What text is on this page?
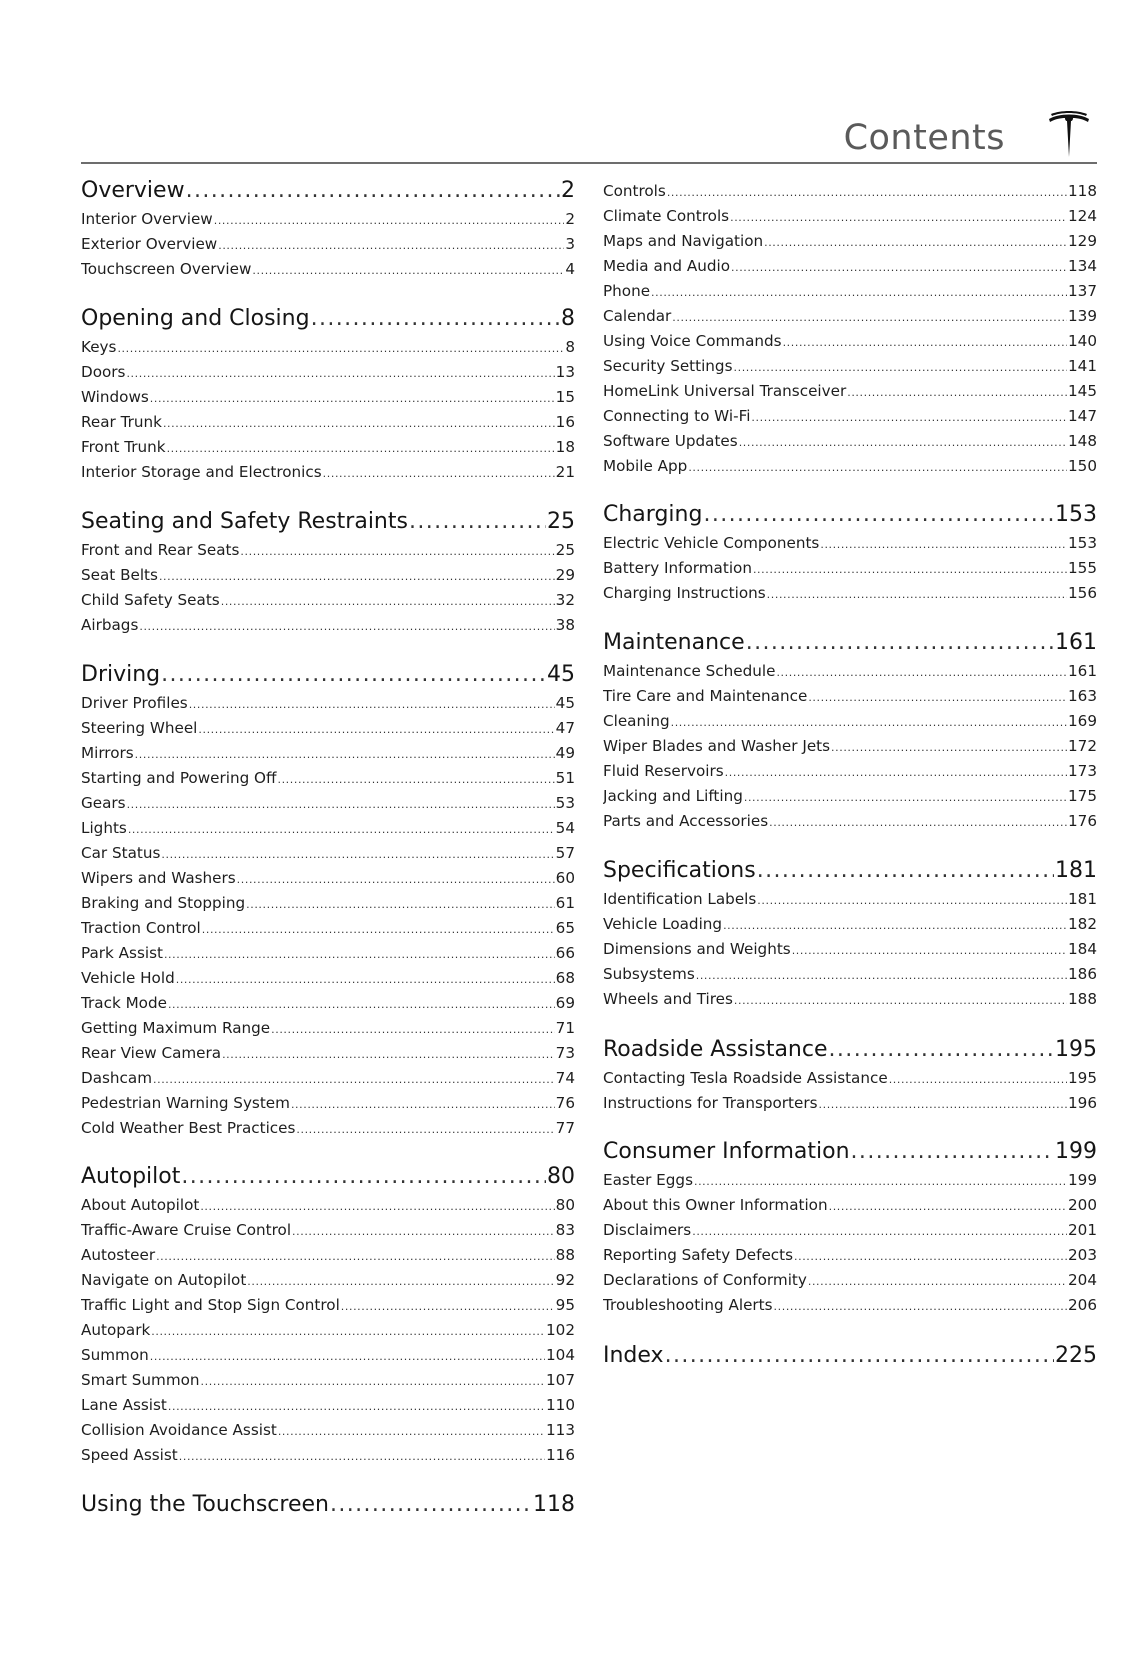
Contents
Overview .....	2
Interior Overview .....	2
Exterior Overview .....	3
Touchscreen Overview .....	4
Opening and Closing .....	8
Keys .....	8
Doors .....	13
Windows .....	15
Rear Trunk .....	16
Front Trunk .....	18
Interior Storage and Electronics .....	21
Seating and Safety Restraints .....	25
Front and Rear Seats .....	25
Seat Belts .....	29
Child Safety Seats .....	32
Airbags .....	38
Driving .....	45
Driver Profiles .....	45
Steering Wheel .....	47
Mirrors .....	49
Starting and Powering Off .....	51
Gears .....	53
Lights .....	54
Car Status .....	57
Wipers and Washers .....	60
Braking and Stopping .....	61
Traction Control .....	65
Park Assist .....	66
Vehicle Hold .....	68
Track Mode .....	69
Getting Maximum Range .....	71
Rear View Camera .....	73
Dashcam .....	74
Pedestrian Warning System .....	76
Cold Weather Best Practices .....	77
Autopilot .....	80
About Autopilot .....	80
Traffic-Aware Cruise Control .....	83
Autosteer .....	88
Navigate on Autopilot .....	92
Traffic Light and Stop Sign Control .....	95
Autopark .....	102
Summon .....	104
Smart Summon .....	107
Lane Assist .....	110
Collision Avoidance Assist .....	113
Speed Assist .....	116
Using the Touchscreen .....	118
Controls .....	118
Climate Controls .....	124
Maps and Navigation .....	129
Media and Audio .....	134
Phone .....	137
Calendar .....	139
Using Voice Commands .....	140
Security Settings .....	141
HomeLink Universal Transceiver .....	145
Connecting to Wi-Fi .....	147
Software Updates .....	148
Mobile App .....	150
Charging .....	153
Electric Vehicle Components .....	153
Battery Information .....	155
Charging Instructions .....	156
Maintenance .....	161
Maintenance Schedule .....	161
Tire Care and Maintenance .....	163
Cleaning .....	169
Wiper Blades and Washer Jets .....	172
Fluid Reservoirs .....	173
Jacking and Lifting .....	175
Parts and Accessories .....	176
Specifications .....	181
Identification Labels .....	181
Vehicle Loading .....	182
Dimensions and Weights .....	184
Subsystems .....	186
Wheels and Tires .....	188
Roadside Assistance .....	195
Contacting Tesla Roadside Assistance .....	195
Instructions for Transporters .....	196
Consumer Information .....	199
Easter Eggs .....	199
About this Owner Information .....	200
Disclaimers .....	201
Reporting Safety Defects .....	203
Declarations of Conformity .....	204
Troubleshooting Alerts .....	206
Index .....	225
